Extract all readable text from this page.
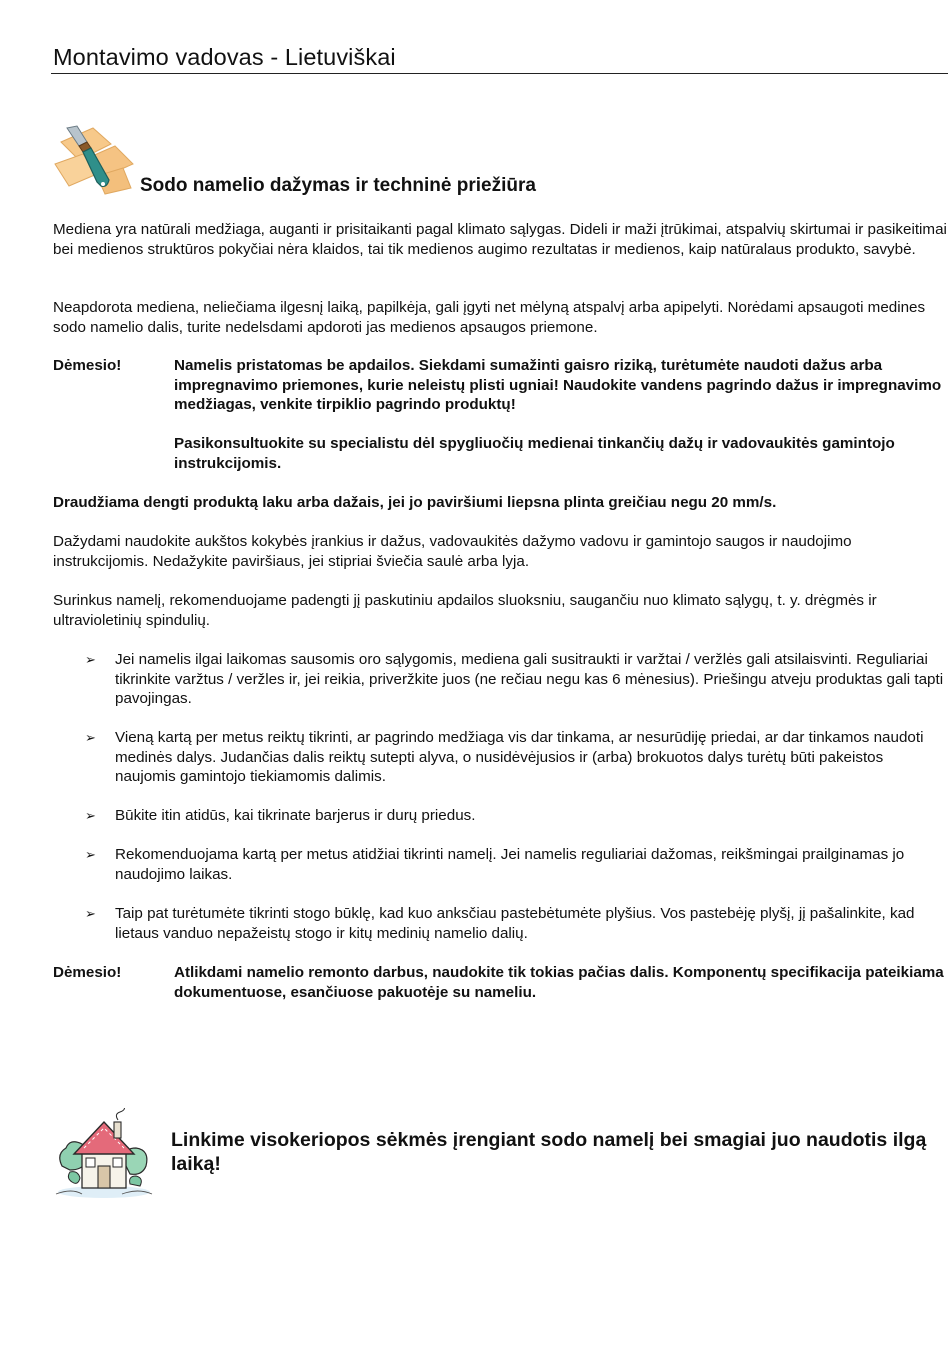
Montavimo vadovas - Lietuviškai
Sodo namelio dažymas ir techninė priežiūra

Mediena yra natūrali medžiaga, auganti ir prisitaikanti pagal klimato sąlygas. Dideli ir maži įtrūkimai, atspalvių skirtumai ir pasikeitimai bei medienos struktūros pokyčiai nėra klaidos, tai tik medienos augimo rezultatas ir medienos, kaip natūralaus produkto, savybė.

Neapdorota mediena, neliečiama ilgesnį laiką, papilkėja, gali įgyti net mėlyną atspalvį arba apipelyti. Norėdami apsaugoti medines sodo namelio dalis, turite nedelsdami apdoroti jas medienos apsaugos priemone.

Dėmesio!	Namelis pristatomas be apdailos. Siekdami sumažinti gaisro riziką, turėtumėte naudoti dažus arba impregnavimo priemones, kurie neleistų plisti ugniai! Naudokite vandens pagrindo dažus ir impregnavimo medžiagas, venkite tirpiklio pagrindo produktų!

Pasikonsultuokite su specialistu dėl spygliuočių medienai tinkančių dažų ir vadovaukitės gamintojo instrukcijomis.

Draudžiama dengti produktą laku arba dažais, jei jo paviršiumi liepsna plinta greičiau negu 20 mm/s.

Dažydami naudokite aukštos kokybės įrankius ir dažus, vadovaukitės dažymo vadovu ir gamintojo saugos ir naudojimo instrukcijomis. Nedažykite paviršiaus, jei stipriai šviečia saulė arba lyja.

Surinkus namelį, rekomenduojame padengti jį paskutiniu apdailos sluoksniu, saugančiu nuo klimato sąlygų, t. y. drėgmės ir ultravioletinių spindulių.

➢ Jei namelis ilgai laikomas sausomis oro sąlygomis, mediena gali susitraukti ir varžtai / veržlės gali atsilaisvinti. Reguliariai tikrinkite varžtus / veržles ir, jei reikia, priveržkite juos (ne rečiau negu kas 6 mėnesius). Priešingu atveju produktas gali tapti pavojingas.

➢ Vieną kartą per metus reiktų tikrinti, ar pagrindo medžiaga vis dar tinkama, ar nesurūdiję priedai, ar dar tinkamos naudoti medinės dalys. Judančias dalis reiktų sutepti alyva, o nusidėvėjusios ir (arba) brokuotos dalys turėtų būti pakeistos naujomis gamintojo tiekiamomis dalimis.

➢ Būkite itin atidūs, kai tikrinate barjerus ir durų priedus.

➢ Rekomenduojama kartą per metus atidžiai tikrinti namelį. Jei namelis reguliariai dažomas, reikšmingai prailginamas jo naudojimo laikas.

➢ Taip pat turėtumėte tikrinti stogo būklę, kad kuo anksčiau pastebėtumėte plyšius. Vos pastebėję plyšį, jį pašalinkite, kad lietaus vanduo nepažeistų stogo ir kitų medinių namelio dalių.

Dėmesio!	Atlikdami namelio remonto darbus, naudokite tik tokias pačias dalis. Komponentų specifikacija pateikiama dokumentuose, esančiuose pakuotėje su nameliu.

Linkime visokeriopos sėkmės įrengiant sodo namelį bei smagiai juo naudotis ilgą laiką!
